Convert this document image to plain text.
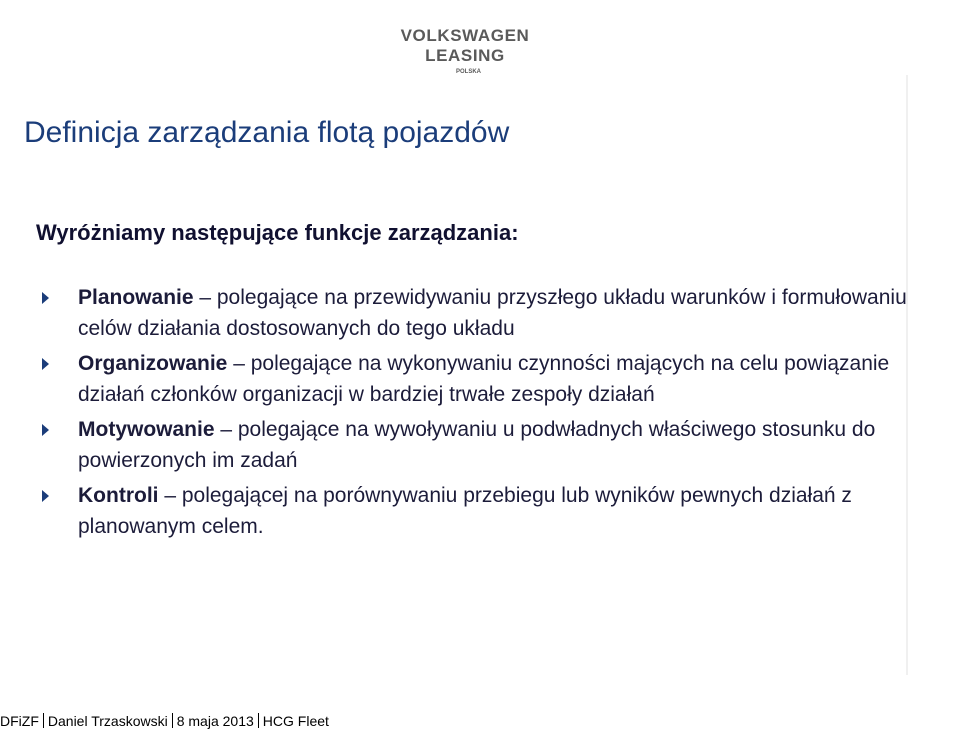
VOLKSWAGEN LEASING
POLSKA
Definicja zarządzania flotą pojazdów
Wyróżniamy następujące funkcje zarządzania:
Planowanie – polegające na przewidywaniu przyszłego układu warunków i formułowaniu celów działania dostosowanych do tego układu
Organizowanie – polegające na wykonywaniu czynności mających na celu powiązanie działań członków organizacji w bardziej trwałe zespoły działań
Motywowanie – polegające na wywoływaniu u podwładnych właściwego stosunku do powierzonych im zadań
Kontroli – polegającej na porównywaniu przebiegu lub wyników pewnych działań z planowanym celem.
DFiZF Daniel Trzaskowski 8 maja 2013 HCG Fleet
